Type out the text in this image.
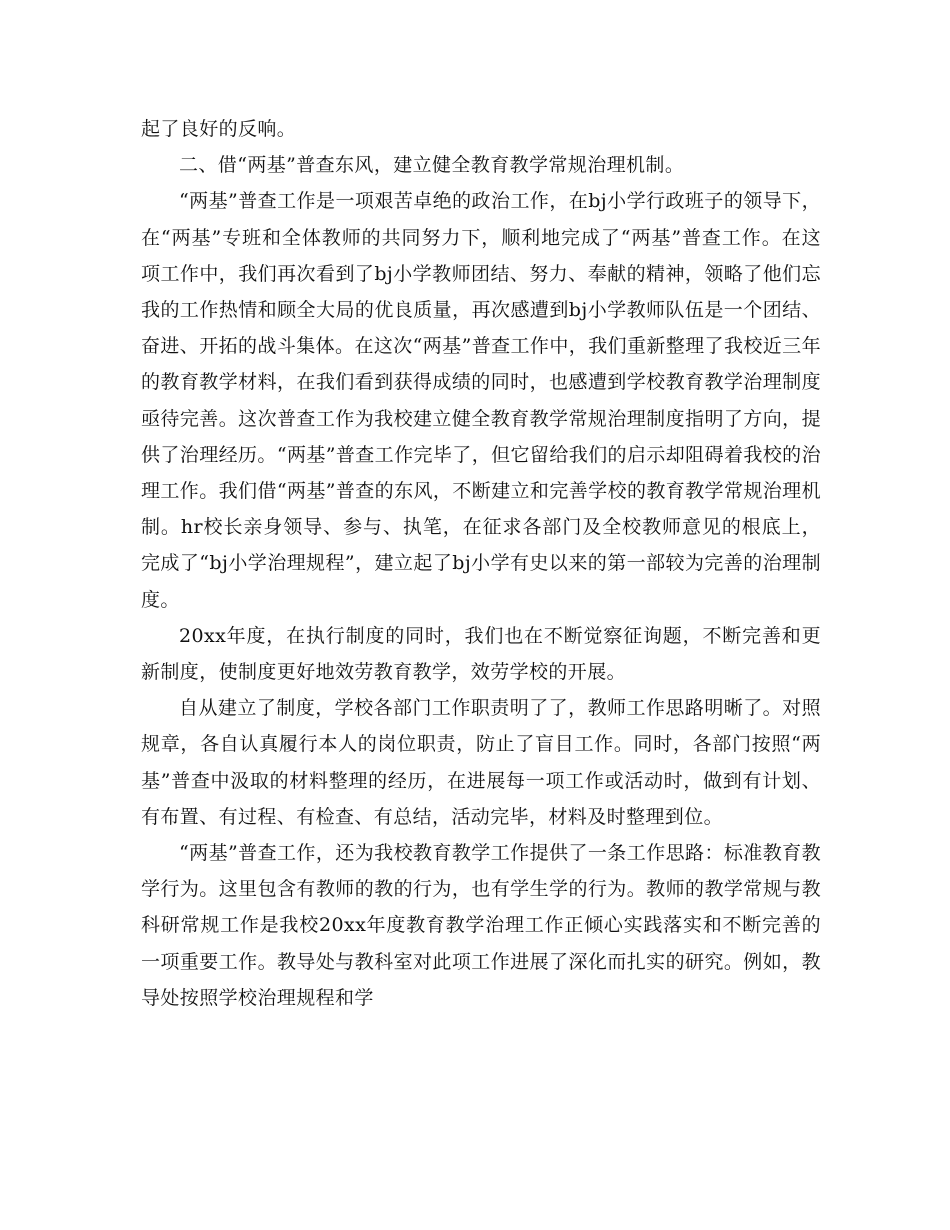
起了良好的反响。

二、借“两基”普查东风，建立健全教育教学常规治理机制。

“两基”普查工作是一项艰苦卓绝的政治工作，在bj小学行政班子的领导下，在“两基”专班和全体教师的共同努力下，顺利地完成了“两基”普查工作。在这项工作中，我们再次看到了bj小学教师团结、努力、奉献的精神，领略了他们忘我的工作热情和顾全大局的优良质量，再次感遭到bj小学教师队伍是一个团结、奋进、开拓的战斗集体。在这次“两基”普查工作中，我们重新整理了我校近三年的教育教学材料，在我们看到获得成绩的同时，也感遭到学校教育教学治理制度亟待完善。这次普查工作为我校建立健全教育教学常规治理制度指明了方向，提供了治理经历。“两基”普查工作完毕了，但它留给我们的启示却阻碍着我校的治理工作。我们借“两基”普查的东风，不断建立和完善学校的教育教学常规治理机制。hr校长亲身领导、参与、执笔，在征求各部门及全校教师意见的根底上，完成了“bj小学治理规程”，建立起了bj小学有史以来的第一部较为完善的治理制度。

20xx年度，在执行制度的同时，我们也在不断觉察征询题，不断完善和更新制度，使制度更好地效劳教育教学，效劳学校的开展。

自从建立了制度，学校各部门工作职责明了了，教师工作思路明晰了。对照规章，各自认真履行本人的岗位职责，防止了盲目工作。同时，各部门按照“两基”普查中汲取的材料整理的经历，在进展每一项工作或活动时，做到有计划、有布置、有过程、有检查、有总结，活动完毕，材料及时整理到位。

“两基”普查工作，还为我校教育教学工作提供了一条工作思路：标准教育教学行为。这里包含有教师的教的行为，也有学生学的行为。教师的教学常规与教科研常规工作是我校20xx年度教育教学治理工作正倾心实践落实和不断完善的一项重要工作。教导处与教科室对此项工作进展了深化而扎实的研究。例如，教导处按照学校治理规程和学
